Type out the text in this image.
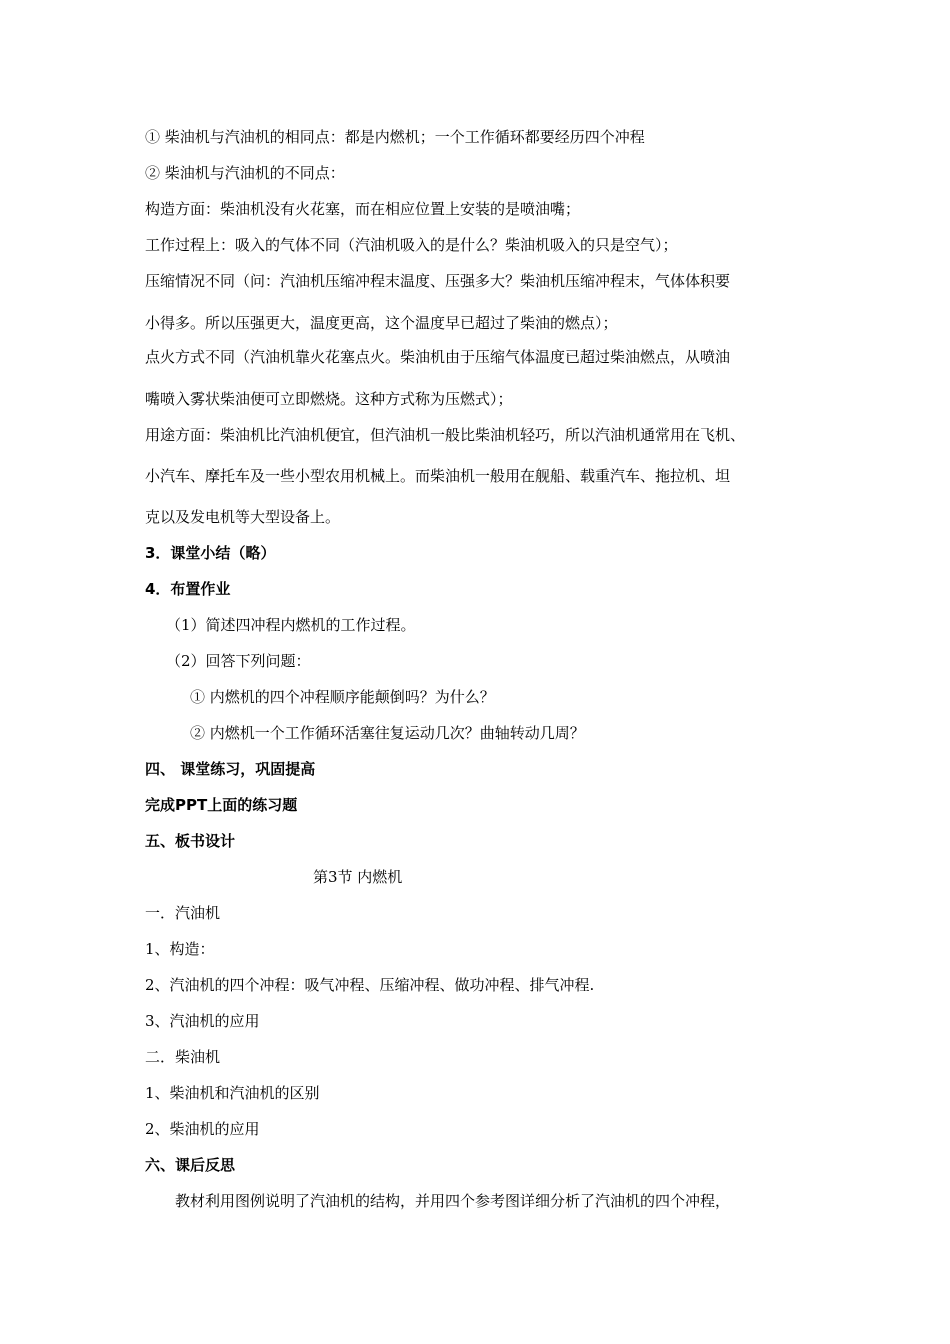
① 柴油机与汽油机的相同点：都是内燃机；一个工作循环都要经历四个冲程
② 柴油机与汽油机的不同点：
构造方面：柴油机没有火花塞，而在相应位置上安装的是喷油嘴；
工作过程上：吸入的气体不同（汽油机吸入的是什么？柴油机吸入的只是空气）；
压缩情况不同（问：汽油机压缩冲程末温度、压强多大？柴油机压缩冲程末，气体体积要
小得多。所以压强更大，温度更高，这个温度早已超过了柴油的燃点）；
点火方式不同（汽油机靠火花塞点火。柴油机由于压缩气体温度已超过柴油燃点，从喷油
嘴喷入雾状柴油便可立即燃烧。这种方式称为压燃式）；
用途方面：柴油机比汽油机便宜，但汽油机一般比柴油机轻巧，所以汽油机通常用在飞机、
小汽车、摩托车及一些小型农用机械上。而柴油机一般用在舰船、载重汽车、拖拉机、坦
克以及发电机等大型设备上。
3．课堂小结（略）
4．布置作业
（1）简述四冲程内燃机的工作过程。
（2）回答下列问题：
① 内燃机的四个冲程顺序能颠倒吗？为什么？
② 内燃机一个工作循环活塞往复运动几次？曲轴转动几周？
四、 课堂练习，巩固提高
完成PPT上面的练习题
五、板书设计
第3节 内燃机
一．汽油机
1、构造：
2、汽油机的四个冲程：吸气冲程、压缩冲程、做功冲程、排气冲程.
3、汽油机的应用
二．柴油机
1、柴油机和汽油机的区别
2、柴油机的应用
六、课后反思
教材利用图例说明了汽油机的结构，并用四个参考图详细分析了汽油机的四个冲程，
